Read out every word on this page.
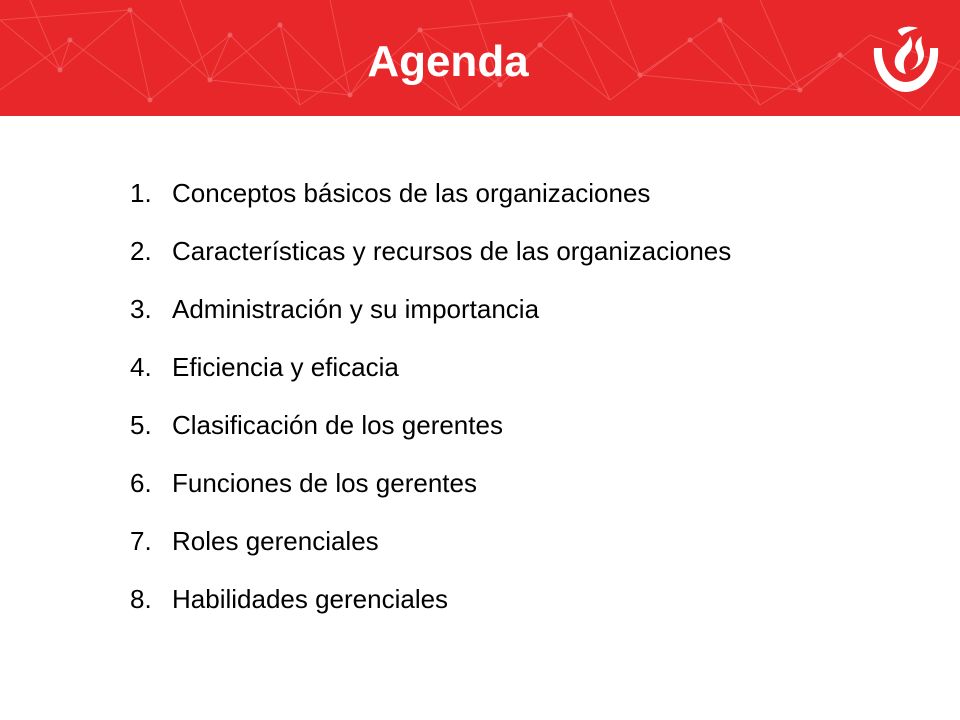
Agenda
1. Conceptos básicos de las organizaciones
2. Características y recursos de las organizaciones
3. Administración y su importancia
4. Eficiencia y eficacia
5. Clasificación de los gerentes
6. Funciones de los gerentes
7. Roles gerenciales
8. Habilidades gerenciales
